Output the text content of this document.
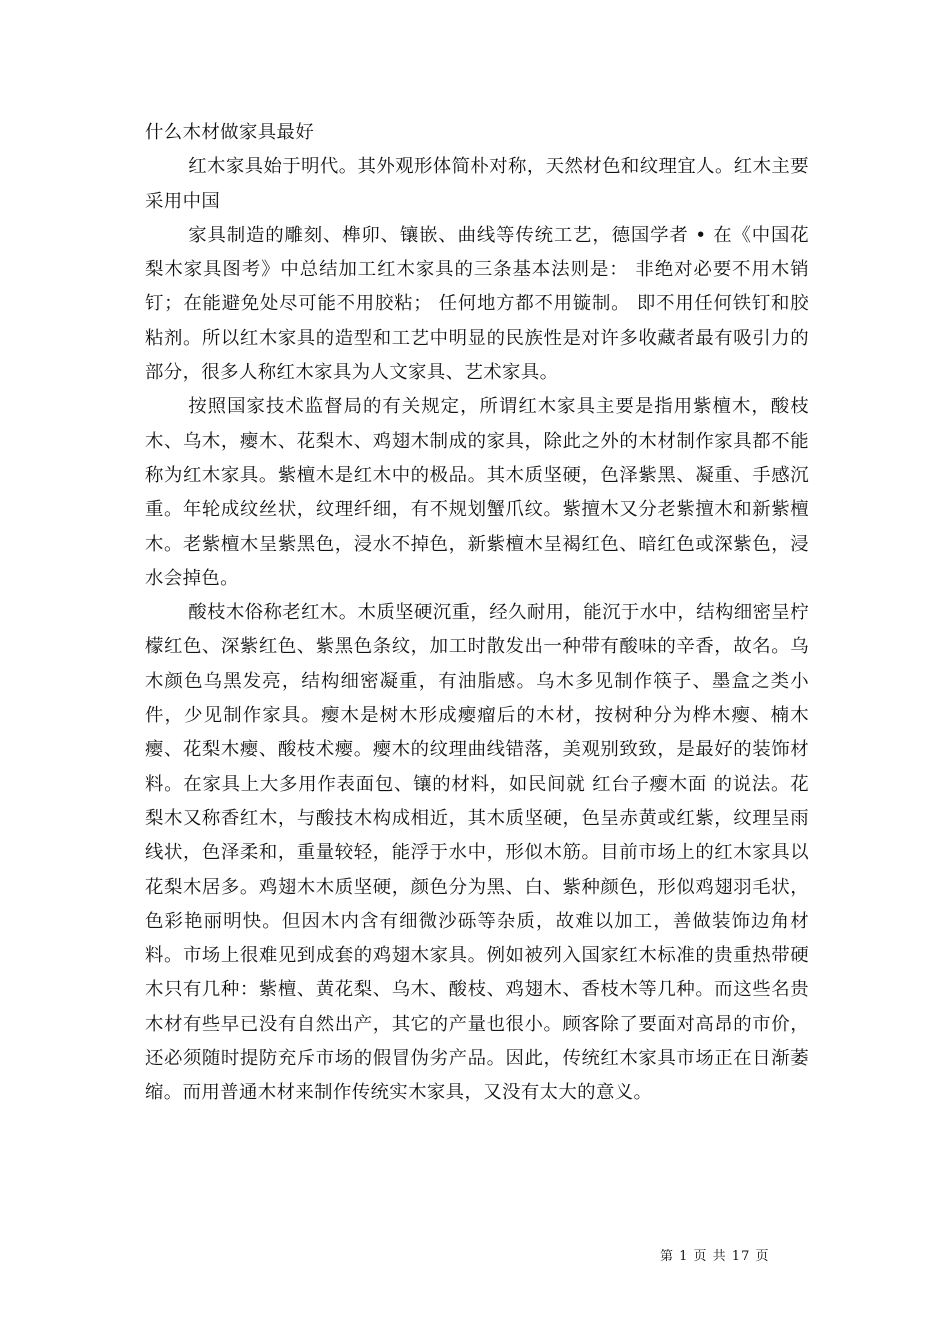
什么木材做家具最好

红木家具始于明代。其外观形体简朴对称，天然材色和纹理宜人。红木主要采用中国

家具制造的雕刻、榫卯、镶嵌、曲线等传统工艺，德国学者 • 在《中国花梨木家具图考》中总结加工红木家具的三条基本法则是： 非绝对必要不用木销钉；在能避免处尽可能不用胶粘； 任何地方都不用镟制。 即不用任何铁钉和胶粘剂。所以红木家具的造型和工艺中明显的民族性是对许多收藏者最有吸引力的部分，很多人称红木家具为人文家具、艺术家具。

按照国家技术监督局的有关规定，所谓红木家具主要是指用紫檀木，酸枝木、乌木，瘿木、花梨木、鸡翅木制成的家具，除此之外的木材制作家具都不能称为红木家具。紫檀木是红木中的极品。其木质坚硬，色泽紫黑、凝重、手感沉重。年轮成纹丝状，纹理纤细，有不规划蟹爪纹。紫擅木又分老紫擅木和新紫檀木。老紫檀木呈紫黑色，浸水不掉色，新紫檀木呈褐红色、暗红色或深紫色，浸水会掉色。

酸枝木俗称老红木。木质坚硬沉重，经久耐用，能沉于水中，结构细密呈柠檬红色、深紫红色、紫黑色条纹，加工时散发出一种带有酸味的辛香，故名。乌木颜色乌黑发亮，结构细密凝重，有油脂感。乌木多见制作筷子、墨盒之类小件，少见制作家具。瘿木是树木形成瘿瘤后的木材，按树种分为桦木瘿、楠木瘿、花梨木瘿、酸枝术瘿。瘿木的纹理曲线错落，美观别致致，是最好的装饰材料。在家具上大多用作表面包、镶的材料，如民间就 红台子瘿木面 的说法。花梨木又称香红木，与酸技木构成相近，其木质坚硬，色呈赤黄或红紫，纹理呈雨线状，色泽柔和，重量较轻，能浮于水中，形似木筋。目前市场上的红木家具以花梨木居多。鸡翅木木质坚硬，颜色分为黑、白、紫种颜色，形似鸡翅羽毛状，色彩艳丽明快。但因木内含有细微沙砾等杂质，故难以加工，善做装饰边角材料。市场上很难见到成套的鸡翅木家具。例如被列入国家红木标准的贵重热带硬木只有几种：紫檀、黄花梨、乌木、酸枝、鸡翅木、香枝木等几种。而这些名贵木材有些早已没有自然出产，其它的产量也很小。顾客除了要面对高昂的市价，还必须随时提防充斥市场的假冒伪劣产品。因此，传统红木家具市场正在日渐萎缩。而用普通木材来制作传统实木家具，又没有太大的意义。

第 1 页 共 17 页
